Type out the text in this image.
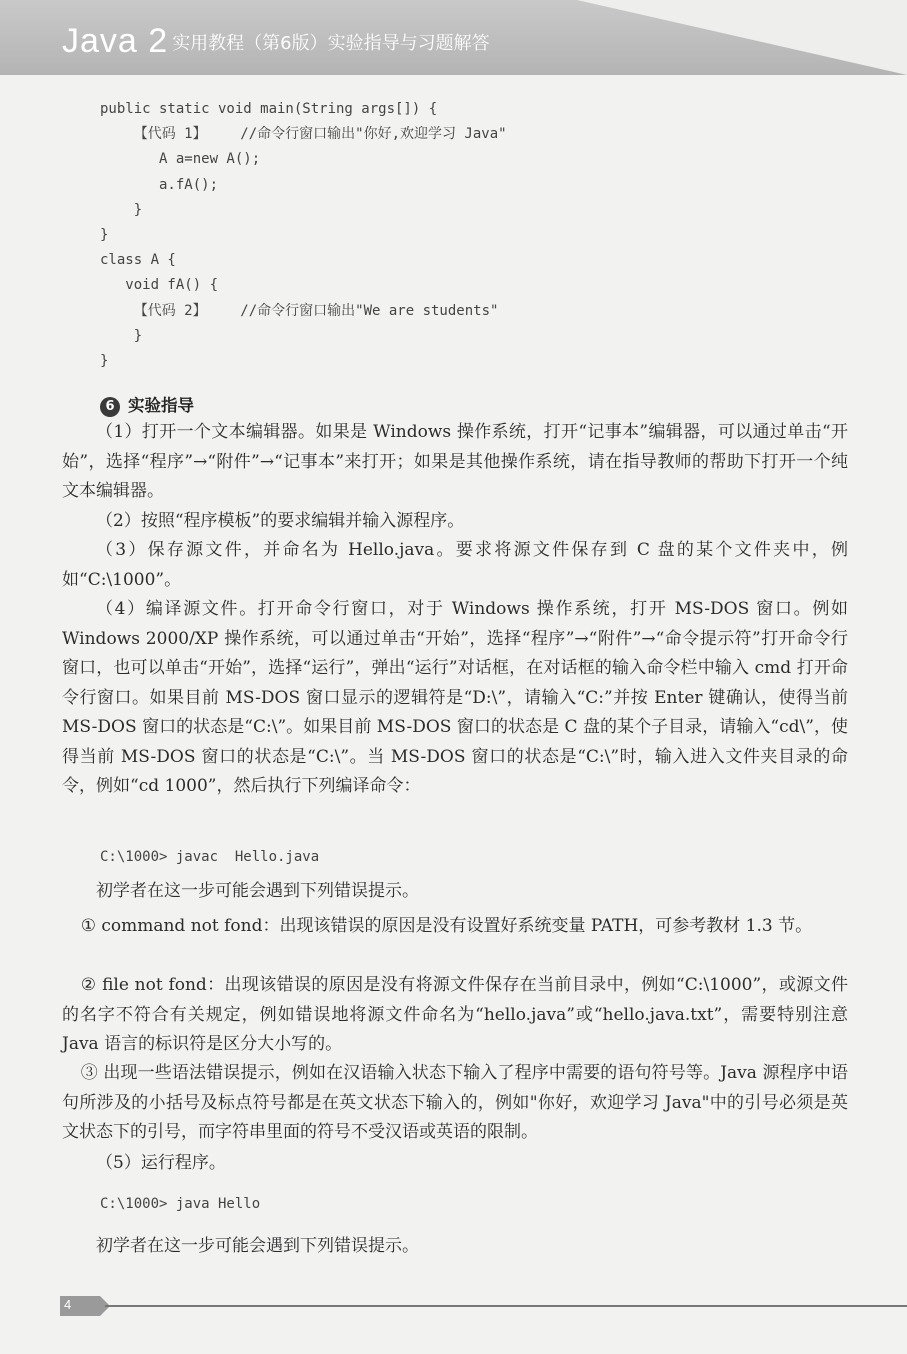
Java 2 实用教程（第6版）实验指导与习题解答
public static void main(String args[]) {
【代码 1】    //命令行窗口输出"你好,欢迎学习 Java"
A a=new A();
a.fA();
}
}
class A {
void fA() {
【代码 2】    //命令行窗口输出"We are students"
}
}
6 实验指导

（1）打开一个文本编辑器。如果是 Windows 操作系统，打开“记事本”编辑器，可以通过单击“开始”，选择“程序”→“附件”→“记事本”来打开；如果是其他操作系统，请在指导教师的帮助下打开一个纯文本编辑器。

（2）按照“程序模板”的要求编辑并输入源程序。

（3）保存源文件，并命名为 Hello.java。要求将源文件保存到 C 盘的某个文件夹中，例如“C:\1000”。

（4）编译源文件。打开命令行窗口，对于 Windows 操作系统，打开 MS-DOS 窗口。例如 Windows 2000/XP 操作系统，可以通过单击“开始”，选择“程序”→“附件”→“命令提示符”打开命令行窗口，也可以单击“开始”，选择“运行”，弹出“运行”对话框，在对话框的输入命令栏中输入 cmd 打开命令行窗口。如果目前 MS-DOS 窗口显示的逻辑符是“D:\”，请输入“C:”并按 Enter 键确认，使得当前 MS-DOS 窗口的状态是“C:\”。如果目前 MS-DOS 窗口的状态是 C 盘的某个子目录，请输入“cd\”，使得当前 MS-DOS 窗口的状态是“C:\”。当 MS-DOS 窗口的状态是“C:\”时，输入进入文件夹目录的命令，例如“cd 1000”，然后执行下列编译命令：

C:\1000> javac  Hello.java

初学者在这一步可能会遇到下列错误提示。

① command not fond：出现该错误的原因是没有设置好系统变量 PATH，可参考教材 1.3 节。

② file not fond：出现该错误的原因是没有将源文件保存在当前目录中，例如“C:\1000”，或源文件的名字不符合有关规定，例如错误地将源文件命名为“hello.java”或“hello.java.txt”，需要特别注意 Java 语言的标识符是区分大小写的。

③ 出现一些语法错误提示，例如在汉语输入状态下输入了程序中需要的语句符号等。Java 源程序中语句所涉及的小括号及标点符号都是在英文状态下输入的，例如"你好，欢迎学习 Java"中的引号必须是英文状态下的引号，而字符串里面的符号不受汉语或英语的限制。

（5）运行程序。

C:\1000> java Hello

初学者在这一步可能会遇到下列错误提示。

4
